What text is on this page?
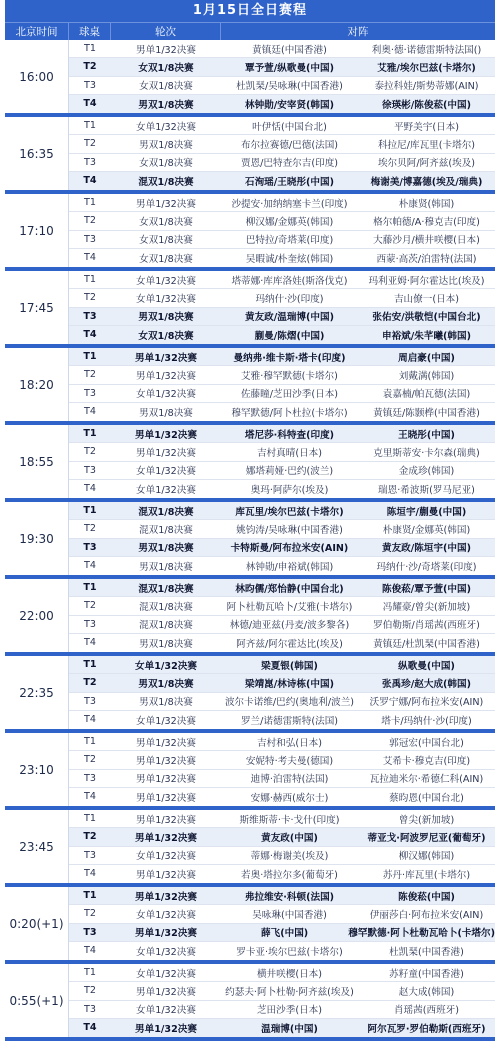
1月15日全日赛程
北京时间	球桌	轮次	对阵
16:00
T1	男单1/32决赛	黄镇廷(中国香港)	利奥·德·诺德雷斯特法国()
T2	女双1/8决赛	覃予萱/纵歌曼(中国)	艾雅/埃尔巴兹(卡塔尔)
T3	女双1/8决赛	杜凯琹/吴咏琳(中国香港)	泰拉科娃/斯势蒂娜(AIN)
T4	男双1/8决赛	林钟勋/安宰贤(韩国)	徐瑛彬/陈俊菘(中国)
16:35
T1	女单1/32决赛	叶伊恬(中国台北)	平野美宇(日本)
T2	男双1/8决赛	布尔拉赛德/巴德(法国)	科拉尼/库瓦里(卡塔尔)
T3	女双1/8决赛	贾恩/巴特查尔吉(印度)	埃尔贝阿/阿齐兹(埃及)
T4	混双1/8决赛	石洵瑶/王晓彤(中国)	梅谢美/博嘉德(埃及/瑞典)
17:10
T1	男单1/32决赛	沙提安·加纳纳塞卡兰(印度)	朴康贤(韩国)
T2	女双1/8决赛	柳汉娜/金娜英(韩国)	格尔帕德/A·穆克吉(印度)
T3	女双1/8决赛	巴特拉/奇塔莱(印度)	大藤沙月/横井咲樱(日本)
T4	女双1/8决赛	吴暇诚/朴奎炫(韩国)	西蒙·高茨/泊雷特(法国)
17:45
T1	女单1/32决赛	塔蒂娜·库库洛娃(斯洛伐克)	玛利亚姆·阿尔霍达比(埃及)
T2	女单1/32决赛	玛纳什·沙(印度)	吉山僚一(日本)
T3	男双1/8决赛	黄友政/温瑞博(中国)	张佑安/洪敬恺(中国台北)
T4	女双1/8决赛	蒯曼/陈熠(中国)	申裕斌/朱芊曦(韩国)
18:20
T1	男单1/32决赛	曼纳弗·维卡斯·塔卡(印度)	周启豪(中国)
T2	男单1/32决赛	艾雅·穆罕默德(卡塔尔)	刘戴满(韩国)
T3	女单1/32决赛	佐藤瞳/芝田沙季(日本)	袁嘉楠/帕瓦德(法国)
T4	男双1/8决赛	穆罕默德/阿卜杜拉(卡塔尔)	黄镇廷/陈颢桦(中国香港)
18:55
T1	男单1/32决赛	塔尼莎·科特查(印度)	王晓彤(中国)
T2	男单1/32决赛	吉村真晴(日本)	克里斯蒂安·卡尔森(瑞典)
T3	女单1/32决赛	娜塔莉娅·巴约(波兰)	金成珍(韩国)
T4	女单1/32决赛	奥玛·阿萨尔(埃及)	瑞恩·希波斯(罗马尼亚)
19:30
T1	混双1/8决赛	库瓦里/埃尔巴兹(卡塔尔)	陈垣宇/蒯曼(中国)
T2	混双1/8决赛	姚钧涛/吴咏琳(中国香港)	朴康贤/金娜英(韩国)
T3	男双1/8决赛	卡特斯曼/阿布拉米安(AIN)	黄友政/陈垣宇(中国)
T4	男双1/8决赛	林钟勋/申裕斌(韩国)	玛纳什·沙/奇塔莱(印度)
22:00
T1	混双1/8决赛	林昀儒/郑怡静(中国台北)	陈俊菘/覃予萱(中国)
T2	混双1/8决赛	阿卜杜勒瓦哈卜/艾雅(卡塔尔)	冯耀豪/曾尖(新加坡)
T3	混双1/8决赛	林德/迪亚兹(丹麦/波多黎各)	罗伯勒斯/肖瑶茜(西班牙)
T4	男双1/8决赛	阿齐兹/阿尔霍达比(埃及)	黄镇廷/杜凯琹(中国香港)
22:35
T1	女单1/32决赛	梁夏银(韩国)	纵歌曼(中国)
T2	男双1/8决赛	梁靖崑/林诗栋(中国)	张禹珍/赵大成(韩国)
T3	男双1/8决赛	波尔卡诺维/巴约(奥地利/波兰)	沃罗宁娜/阿布拉米安(AIN)
T4	女单1/32决赛	罗兰/诺德雷斯特(法国)	塔卡/玛纳什·沙(印度)
23:10
T1	男单1/32决赛	吉村和弘(日本)	郭冠宏(中国台北)
T2	男单1/32决赛	安妮特·考夫曼(德国)	艾希卡·穆克吉(印度)
T3	男单1/32决赛	迪博·泊雷特(法国)	瓦拉迪米尔·希德仁科(AIN)
T4	男单1/32决赛	安娜·赫西(威尔士)	蔡昀恩(中国台北)
23:45
T1	男单1/32决赛	斯维斯蒂·卡·戈什(印度)	曾尖(新加坡)
T2	男单1/32决赛	黄友政(中国)	蒂亚戈·阿波罗尼亚(葡萄牙)
T3	女单1/32决赛	蒂娜·梅谢美(埃及)	柳汉娜(韩国)
T4	男单1/32决赛	若奥·塔拉尔多(葡萄牙)	苏丹·库瓦里(卡塔尔)
0:20(+1)
T1	男单1/32决赛	弗拉维安·科顿(法国)	陈俊菘(中国)
T2	女单1/32决赛	吴咏琳(中国香港)	伊丽莎白·阿布拉米安(AIN)
T3	男单1/32决赛	薛飞(中国)	穆罕默德·阿卜杜勒瓦哈卜(卡塔尔)
T4	女单1/32决赛	罗卡亚·埃尔巴兹(卡塔尔)	杜凯琹(中国香港)
0:55(+1)
T1	女单1/32决赛	横井咲樱(日本)	苏籽童(中国香港)
T2	男单1/32决赛	约瑟夫·阿卜杜勒·阿齐兹(埃及)	赵大成(韩国)
T3	女单1/32决赛	芝田沙季(日本)	肖瑶茜(西班牙)
T4	男单1/32决赛	温瑞博(中国)	阿尔瓦罗·罗伯勒斯(西班牙)
